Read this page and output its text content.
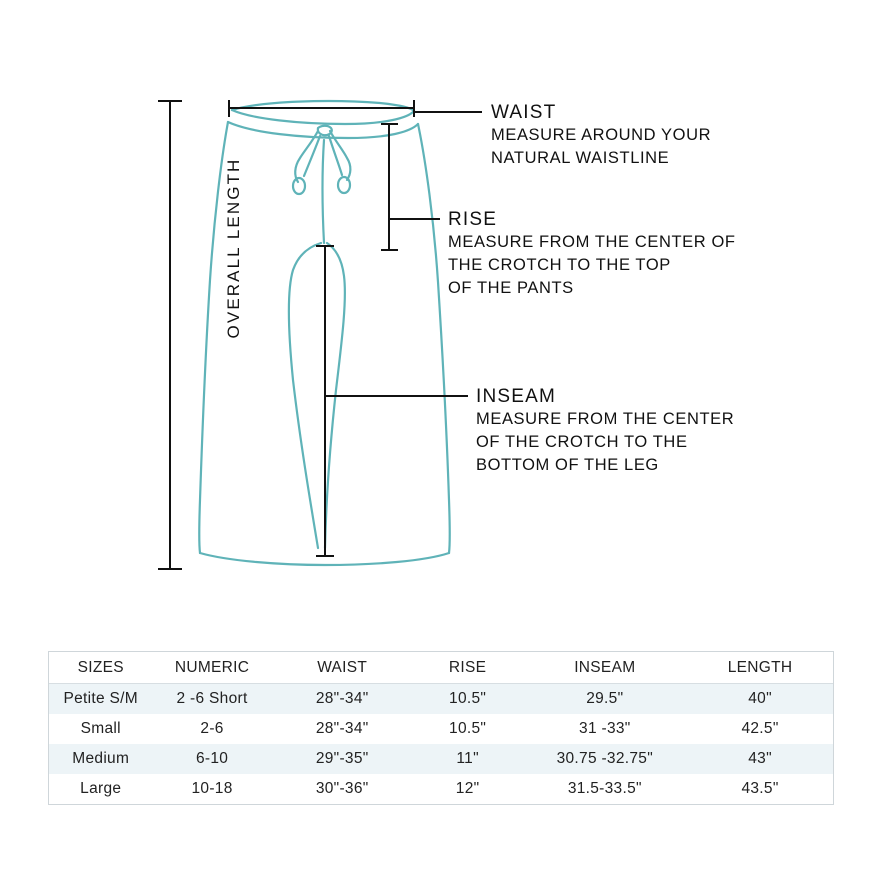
OVERALL LENGTH
WAIST
MEASURE AROUND YOUR
NATURAL WAISTLINE
RISE
MEASURE FROM THE CENTER OF
THE CROTCH TO THE TOP
OF THE PANTS
INSEAM
MEASURE FROM THE CENTER
OF THE CROTCH TO THE
BOTTOM OF THE LEG
SIZES	NUMERIC	WAIST	RISE	INSEAM	LENGTH
Petite S/M	2 -6 Short	28"-34"	10.5"	29.5"	40"
Small	2-6	28"-34"	10.5"	31 -33"	42.5"
Medium	6-10	29"-35"	11"	30.75 -32.75"	43"
Large	10-18	30"-36"	12"	31.5-33.5"	43.5"
